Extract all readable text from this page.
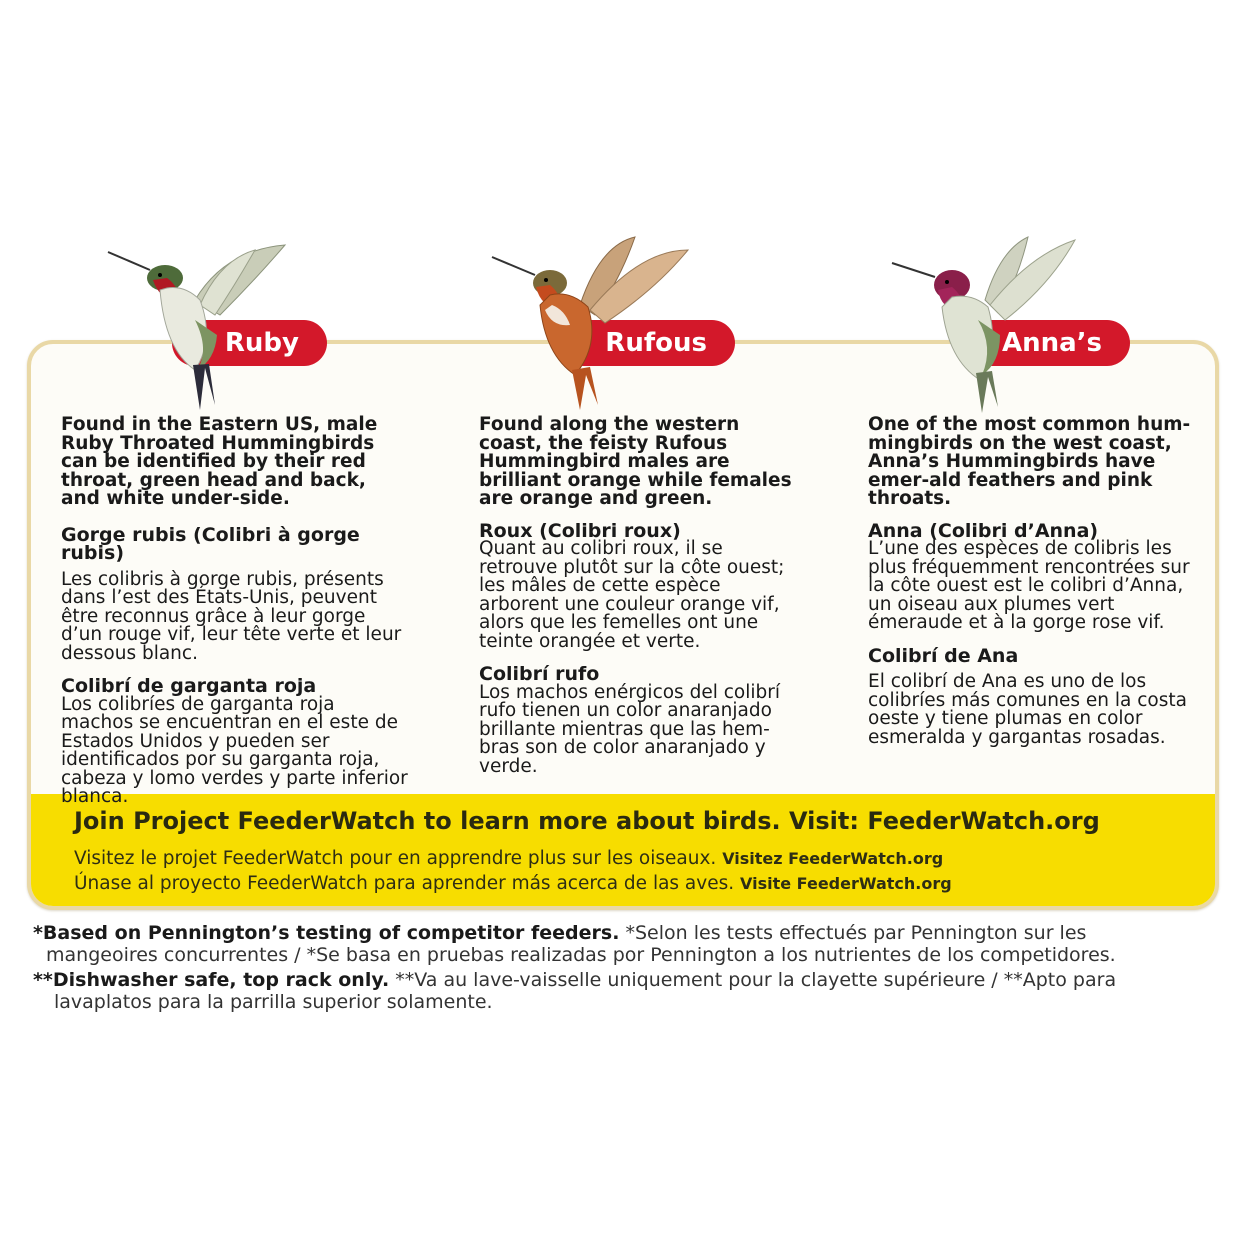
Join Project FeederWatch to learn more about birds. Visit: FeederWatch.org
Visitez le projet FeederWatch pour en apprendre plus sur les oiseaux. Visitez FeederWatch.org
Únase al proyecto FeederWatch para aprender más acerca de las aves. Visite FeederWatch.org
Ruby	Rufous	Anna’s

Found in the Eastern US, male Ruby Throated Hummingbirds can be identified by their red throat, green head and back, and white under-side.

Gorge rubis (Colibri à gorge rubis)

Les colibris à gorge rubis, présents dans l’est des États-Unis, peuvent être reconnus grâce à leur gorge d’un rouge vif, leur tête verte et leur dessous blanc.

Colibrí de garganta roja

Los colibríes de garganta roja machos se encuentran en el este de Estados Unidos y pueden ser identificados por su garganta roja, cabeza y lomo verdes y parte inferior blanca.

Found along the western coast, the feisty Rufous Hummingbird males are brilliant orange while females are orange and green.

Roux (Colibri roux)

Quant au colibri roux, il se retrouve plutôt sur la côte ouest; les mâles de cette espèce arborent une couleur orange vif, alors que les femelles ont une teinte orangée et verte.

Colibrí rufo

Los machos enérgicos del colibrí rufo tienen un color anaranjado brillante mientras que las hem-bras son de color anaranjado y verde.

One of the most common hum-mingbirds on the west coast, Anna’s Hummingbirds have emer-ald feathers and pink throats.

Anna (Colibri d’Anna)

L’une des espèces de colibris les plus fréquemment rencontrées sur la côte ouest est le colibri d’Anna, un oiseau aux plumes vert émeraude et à la gorge rose vif.

Colibrí de Ana

El colibrí de Ana es uno de los colibríes más comunes en la costa oeste y tiene plumas en color esmeralda y gargantas rosadas.

*Based on Pennington’s testing of competitor feeders. *Selon les tests effectués par Pennington sur les
mangeoires concurrentes / *Se basa en pruebas realizadas por Pennington a los nutrientes de los competidores.
**Dishwasher safe, top rack only. **Va au lave-vaisselle uniquement pour la clayette supérieure / **Apto para
lavaplatos para la parrilla superior solamente.
